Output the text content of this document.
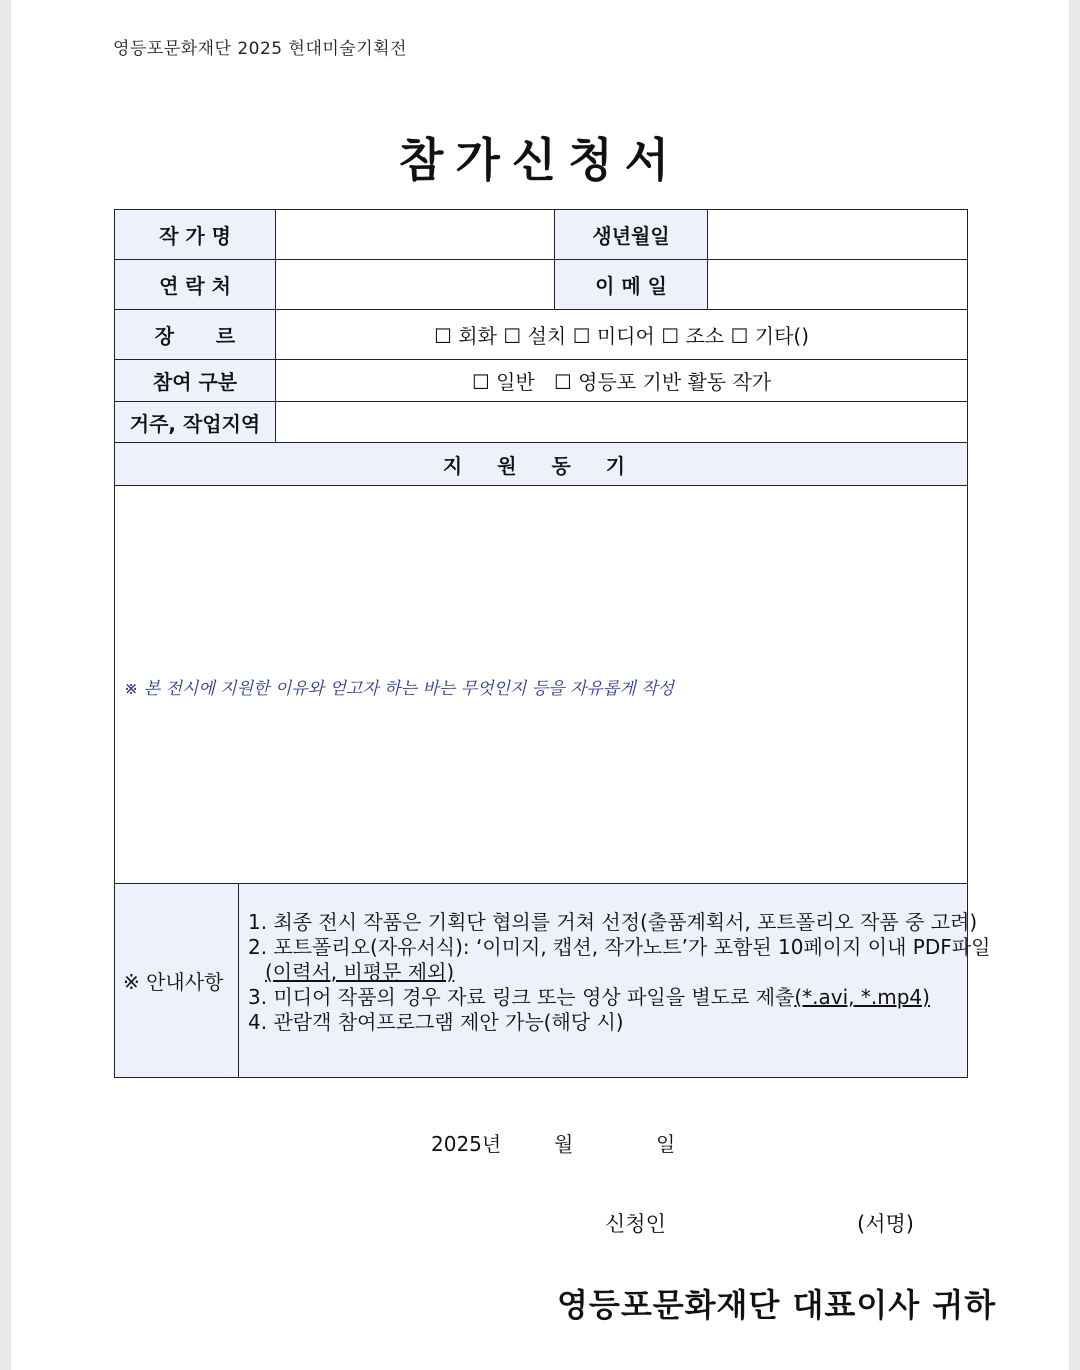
영등포문화재단 2025 현대미술기획전
참가신청서
작 가 명			생년월일	
연 락 처			이 메 일	
장      르		☐ 회화 ☐ 설치 ☐ 미디어 ☐ 조소 ☐ 기타()		
참여 구분		☐ 일반 ☐ 영등포 기반 활동 작가		
거주, 작업지역				
지 원 동 기				

※ 본 전시에 지원한 이유와 얻고자 하는 바는 무엇인지 등을 자유롭게 작성				

※ 안내사항	1. 최종 전시 작품은 기획단 협의를 거쳐 선정(출품계획서, 포트폴리오 작품 중 고려)
2. 포트폴리오(자유서식): ‘이미지, 캡션, 작가노트’가 포함된 10페이지 이내 PDF파일
(이력서, 비평문 제외)
3. 미디어 작품의 경우 자료 링크 또는 영상 파일을 별도로 제출(*.avi, *.mp4)
4. 관람객 참여프로그램 제안 가능(해당 시)			
2025년	월	일
신청인	(서명)
영등포문화재단 대표이사 귀하
